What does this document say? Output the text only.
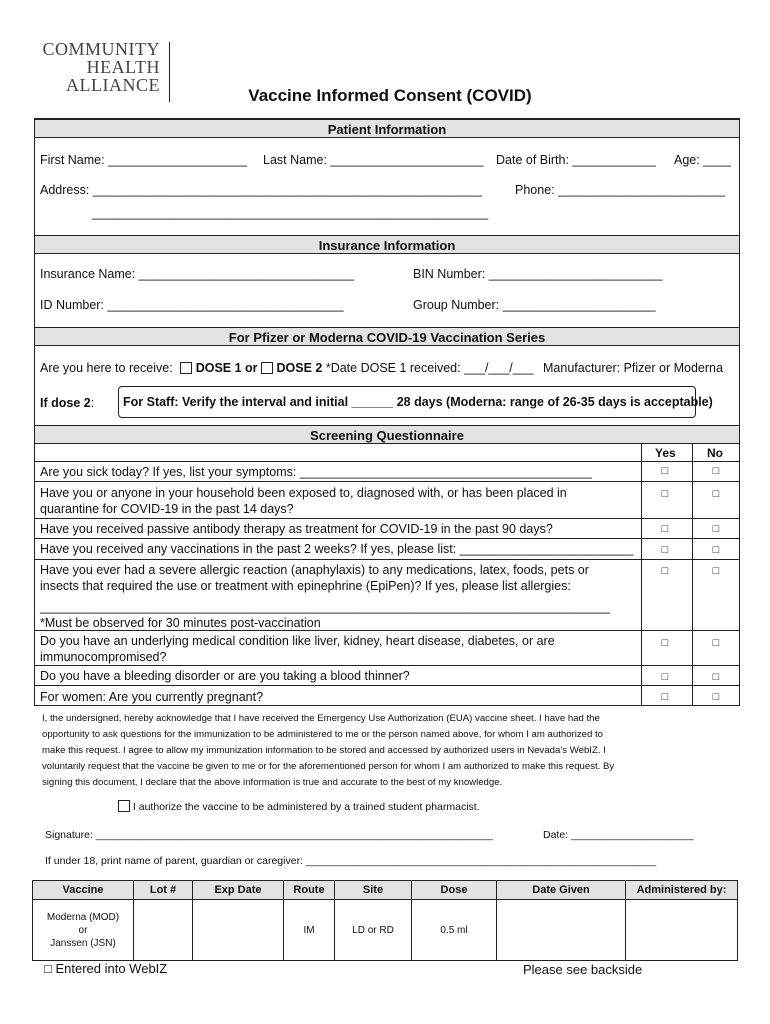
COMMUNITY
HEALTH
ALLIANCE
Vaccine Informed Consent (COVID)
Patient Information
First Name: ____________________ Last Name: ______________________ Date of Birth: ____________ Age: ____
Address: ________________________________________________________	Phone: ________________________
_________________________________________________________
Insurance Information
Insurance Name: _______________________________	BIN Number: _________________________
ID Number: __________________________________	Group Number: ______________________
For Pfizer or Moderna COVID-19 Vaccination Series
Are you here to receive: DOSE 1 or DOSE 2 *Date DOSE 1 received: ___/___/___ Manufacturer: Pfizer or Moderna
If dose 2:	For Staff: Verify the interval and initial ______ 28 days (Moderna: range of 26-35 days is acceptable)
Screening Questionnaire
Yes	No
Are you sick today? If yes, list your symptoms: __________________________________________	□	□
Have you or anyone in your household been exposed to, diagnosed with, or has been placed in
quarantine for COVID-19 in the past 14 days?
□	□
Have you received passive antibody therapy as treatment for COVID-19 in the past 90 days?	□	□
Have you received any vaccinations in the past 2 weeks? If yes, please list: _________________________	□	□
Have you ever had a severe allergic reaction (anaphylaxis) to any medications, latex, foods, pets or
insects that required the use or treatment with epinephrine (EpiPen)? If yes, please list allergies:
__________________________________________________________________________________
*Must be observed for 30 minutes post-vaccination
□	□
Do you have an underlying medical condition like liver, kidney, heart disease, diabetes, or are
immunocompromised?
□	□
Do you have a bleeding disorder or are you taking a blood thinner?	□	□
For women: Are you currently pregnant?	□	□
I, the undersigned, hereby acknowledge that I have received the Emergency Use Authorization (EUA) vaccine sheet. I have had the
opportunity to ask questions for the immunization to be administered to me or the person named above, for whom I am authorized to
make this request. I agree to allow my immunization information to be stored and accessed by authorized users in Nevada’s WebIZ. I
voluntarily request that the vaccine be given to me or for the aforementioned person for whom I am authorized to make this request. By
signing this document, I declare that the above information is true and accurate to the best of my knowledge.
I authorize the vaccine to be administered by a trained student pharmacist.
Signature: ____________________________________________________________________	Date: _____________________
If under 18, print name of parent, guardian or caregiver: ____________________________________________________________
Vaccine	Lot #	Exp Date	Route	Site	Dose	Date Given	Administered by:

Moderna (MOD)
or
Janssen (JSN)			IM	LD or RD	0.5 ml		
□ Entered into WebIZ	Please see backside
